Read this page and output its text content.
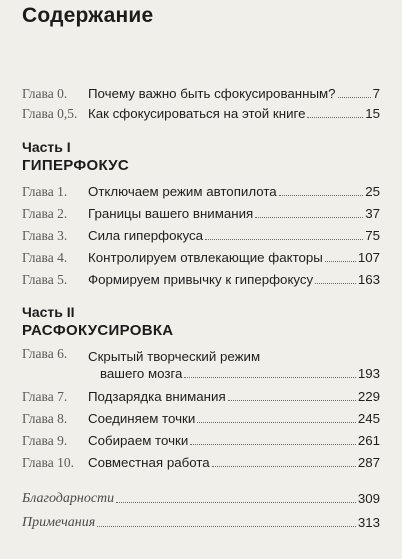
Содержание
Глава 0.	Почему важно быть сфокусированным?	7
Глава 0,5. Как сфокусироваться на этой книге	15
Часть I
ГИПЕРФОКУС
Глава 1.	Отключаем режим автопилота	25
Глава 2.	Границы вашего внимания	37
Глава 3.	Сила гиперфокуса	75
Глава 4.	Контролируем отвлекающие факторы	107
Глава 5.	Формируем привычку к гиперфокусу	163
Часть II
РАСФОКУСИРОВКА
Глава 6.	Скрытый творческий режим
вашего мозга	193
Глава 7.	Подзарядка внимания	229
Глава 8.	Соединяем точки	245
Глава 9.	Собираем точки	261
Глава 10.	Совместная работа	287
Благодарности	309
Примечания	313
